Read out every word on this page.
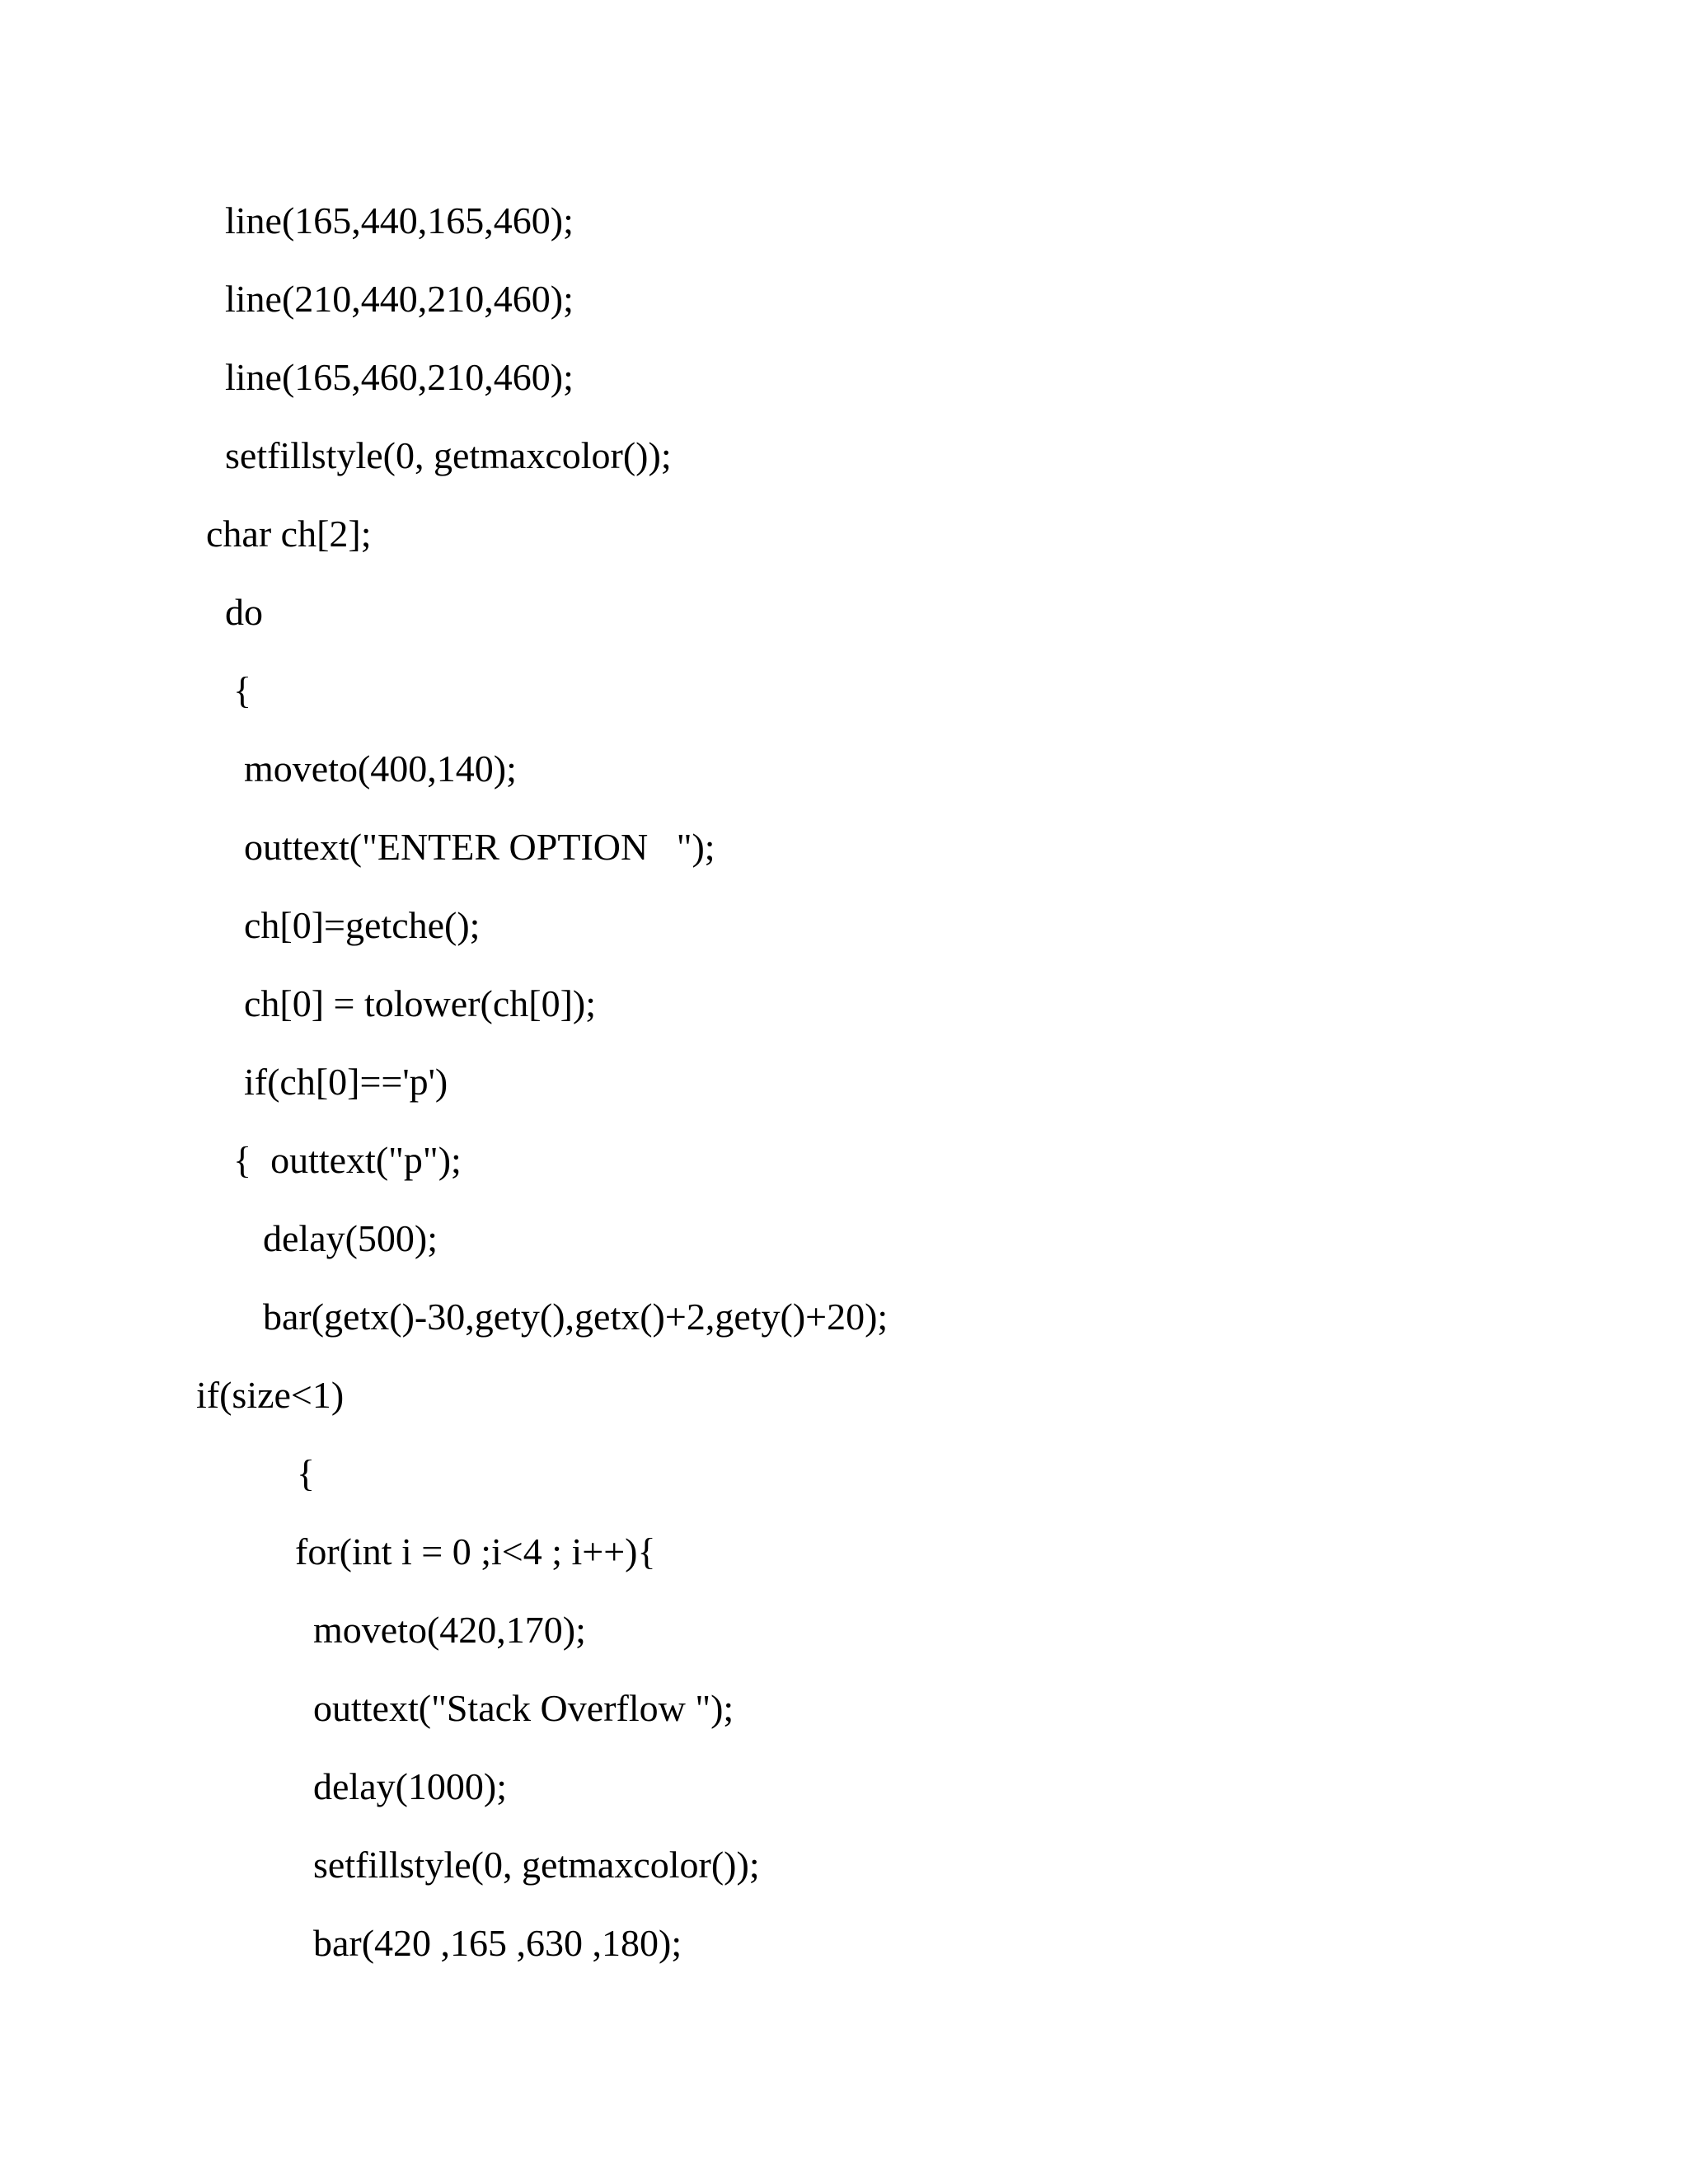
line(165,440,165,460);

line(210,440,210,460);

line(165,460,210,460);

setfillstyle(0, getmaxcolor());

char ch[2];

do

{

moveto(400,140);

outtext("ENTER OPTION   ");

ch[0]=getche();

ch[0] = tolower(ch[0]);

if(ch[0]=='p')

{  outtext("p");

delay(500);

bar(getx()-30,gety(),getx()+2,gety()+20);

if(size<1)

{

for(int i = 0 ;i<4 ; i++){

moveto(420,170);

outtext("Stack Overflow ");

delay(1000);

setfillstyle(0, getmaxcolor());

bar(420 ,165 ,630 ,180);
